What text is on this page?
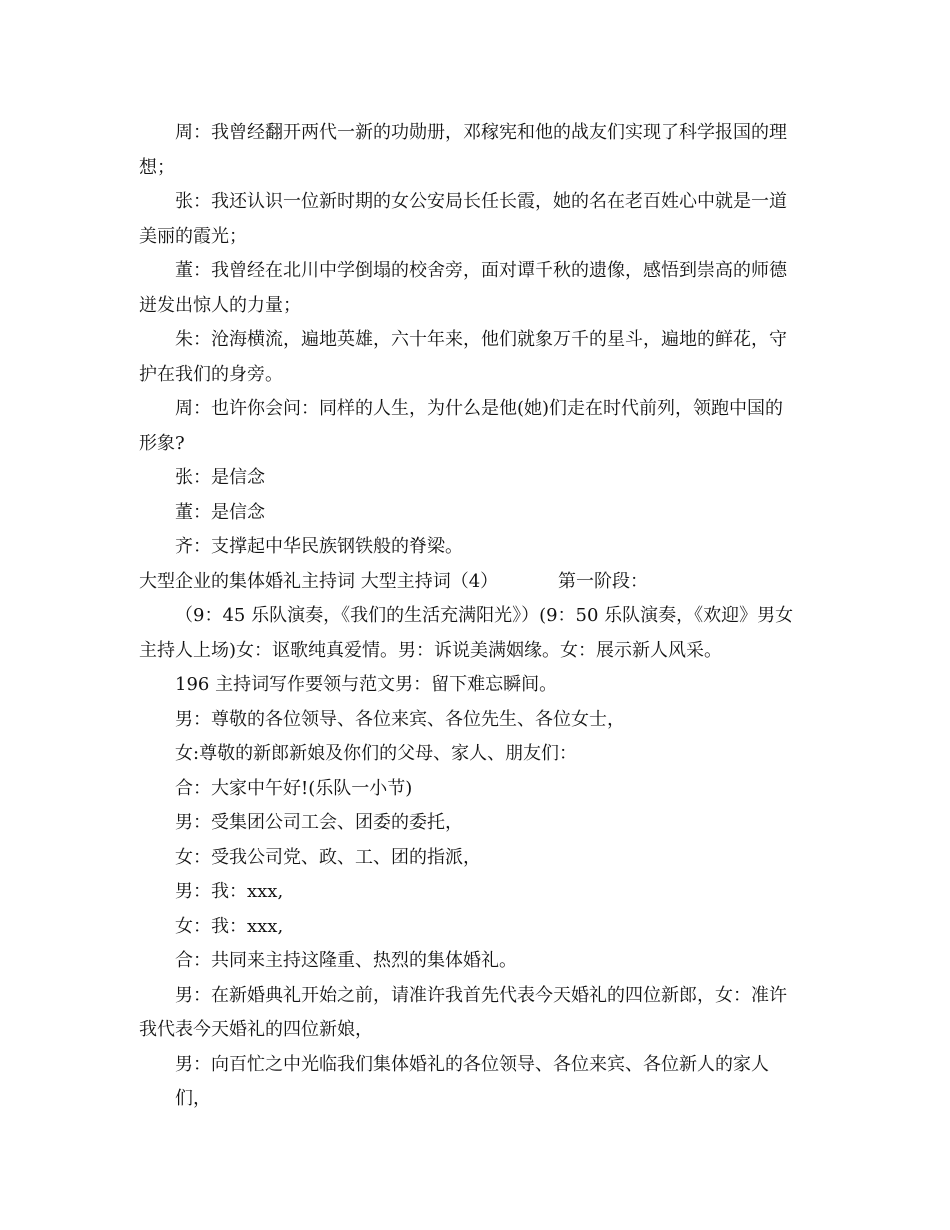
周：我曾经翻开两代一新的功勋册，邓稼宪和他的战友们实现了科学报国的理
想；
张：我还认识一位新时期的女公安局长任长霞，她的名在老百姓心中就是一道
美丽的霞光；
董：我曾经在北川中学倒塌的校舍旁，面对谭千秋的遗像，感悟到崇高的师德
迸发出惊人的力量；
朱：沧海横流，遍地英雄，六十年来，他们就象万千的星斗，遍地的鲜花，守
护在我们的身旁。
周：也许你会问：同样的人生，为什么是他(她)们走在时代前列，领跑中国的
形象?
张：是信念
董：是信念
齐：支撑起中华民族钢铁般的脊梁。
大型企业的集体婚礼主持词 大型主持词（4）	第一阶段：
（9：45 乐队演奏，《我们的生活充满阳光》）(9：50 乐队演奏，《欢迎》男女
主持人上场)女：讴歌纯真爱情。男：诉说美满姻缘。女：展示新人风采。
196 主持词写作要领与范文男：留下难忘瞬间。
男：尊敬的各位领导、各位来宾、各位先生、各位女士，
女:尊敬的新郎新娘及你们的父母、家人、朋友们：
合：大家中午好!(乐队一小节)
男：受集团公司工会、团委的委托，
女：受我公司党、政、工、团的指派，
男：我：xxx,
女：我：xxx,
合：共同来主持这隆重、热烈的集体婚礼。
男：在新婚典礼开始之前，请准许我首先代表今天婚礼的四位新郎，女：准许
我代表今天婚礼的四位新娘，
男：向百忙之中光临我们集体婚礼的各位领导、各位来宾、各位新人的家人
们，
